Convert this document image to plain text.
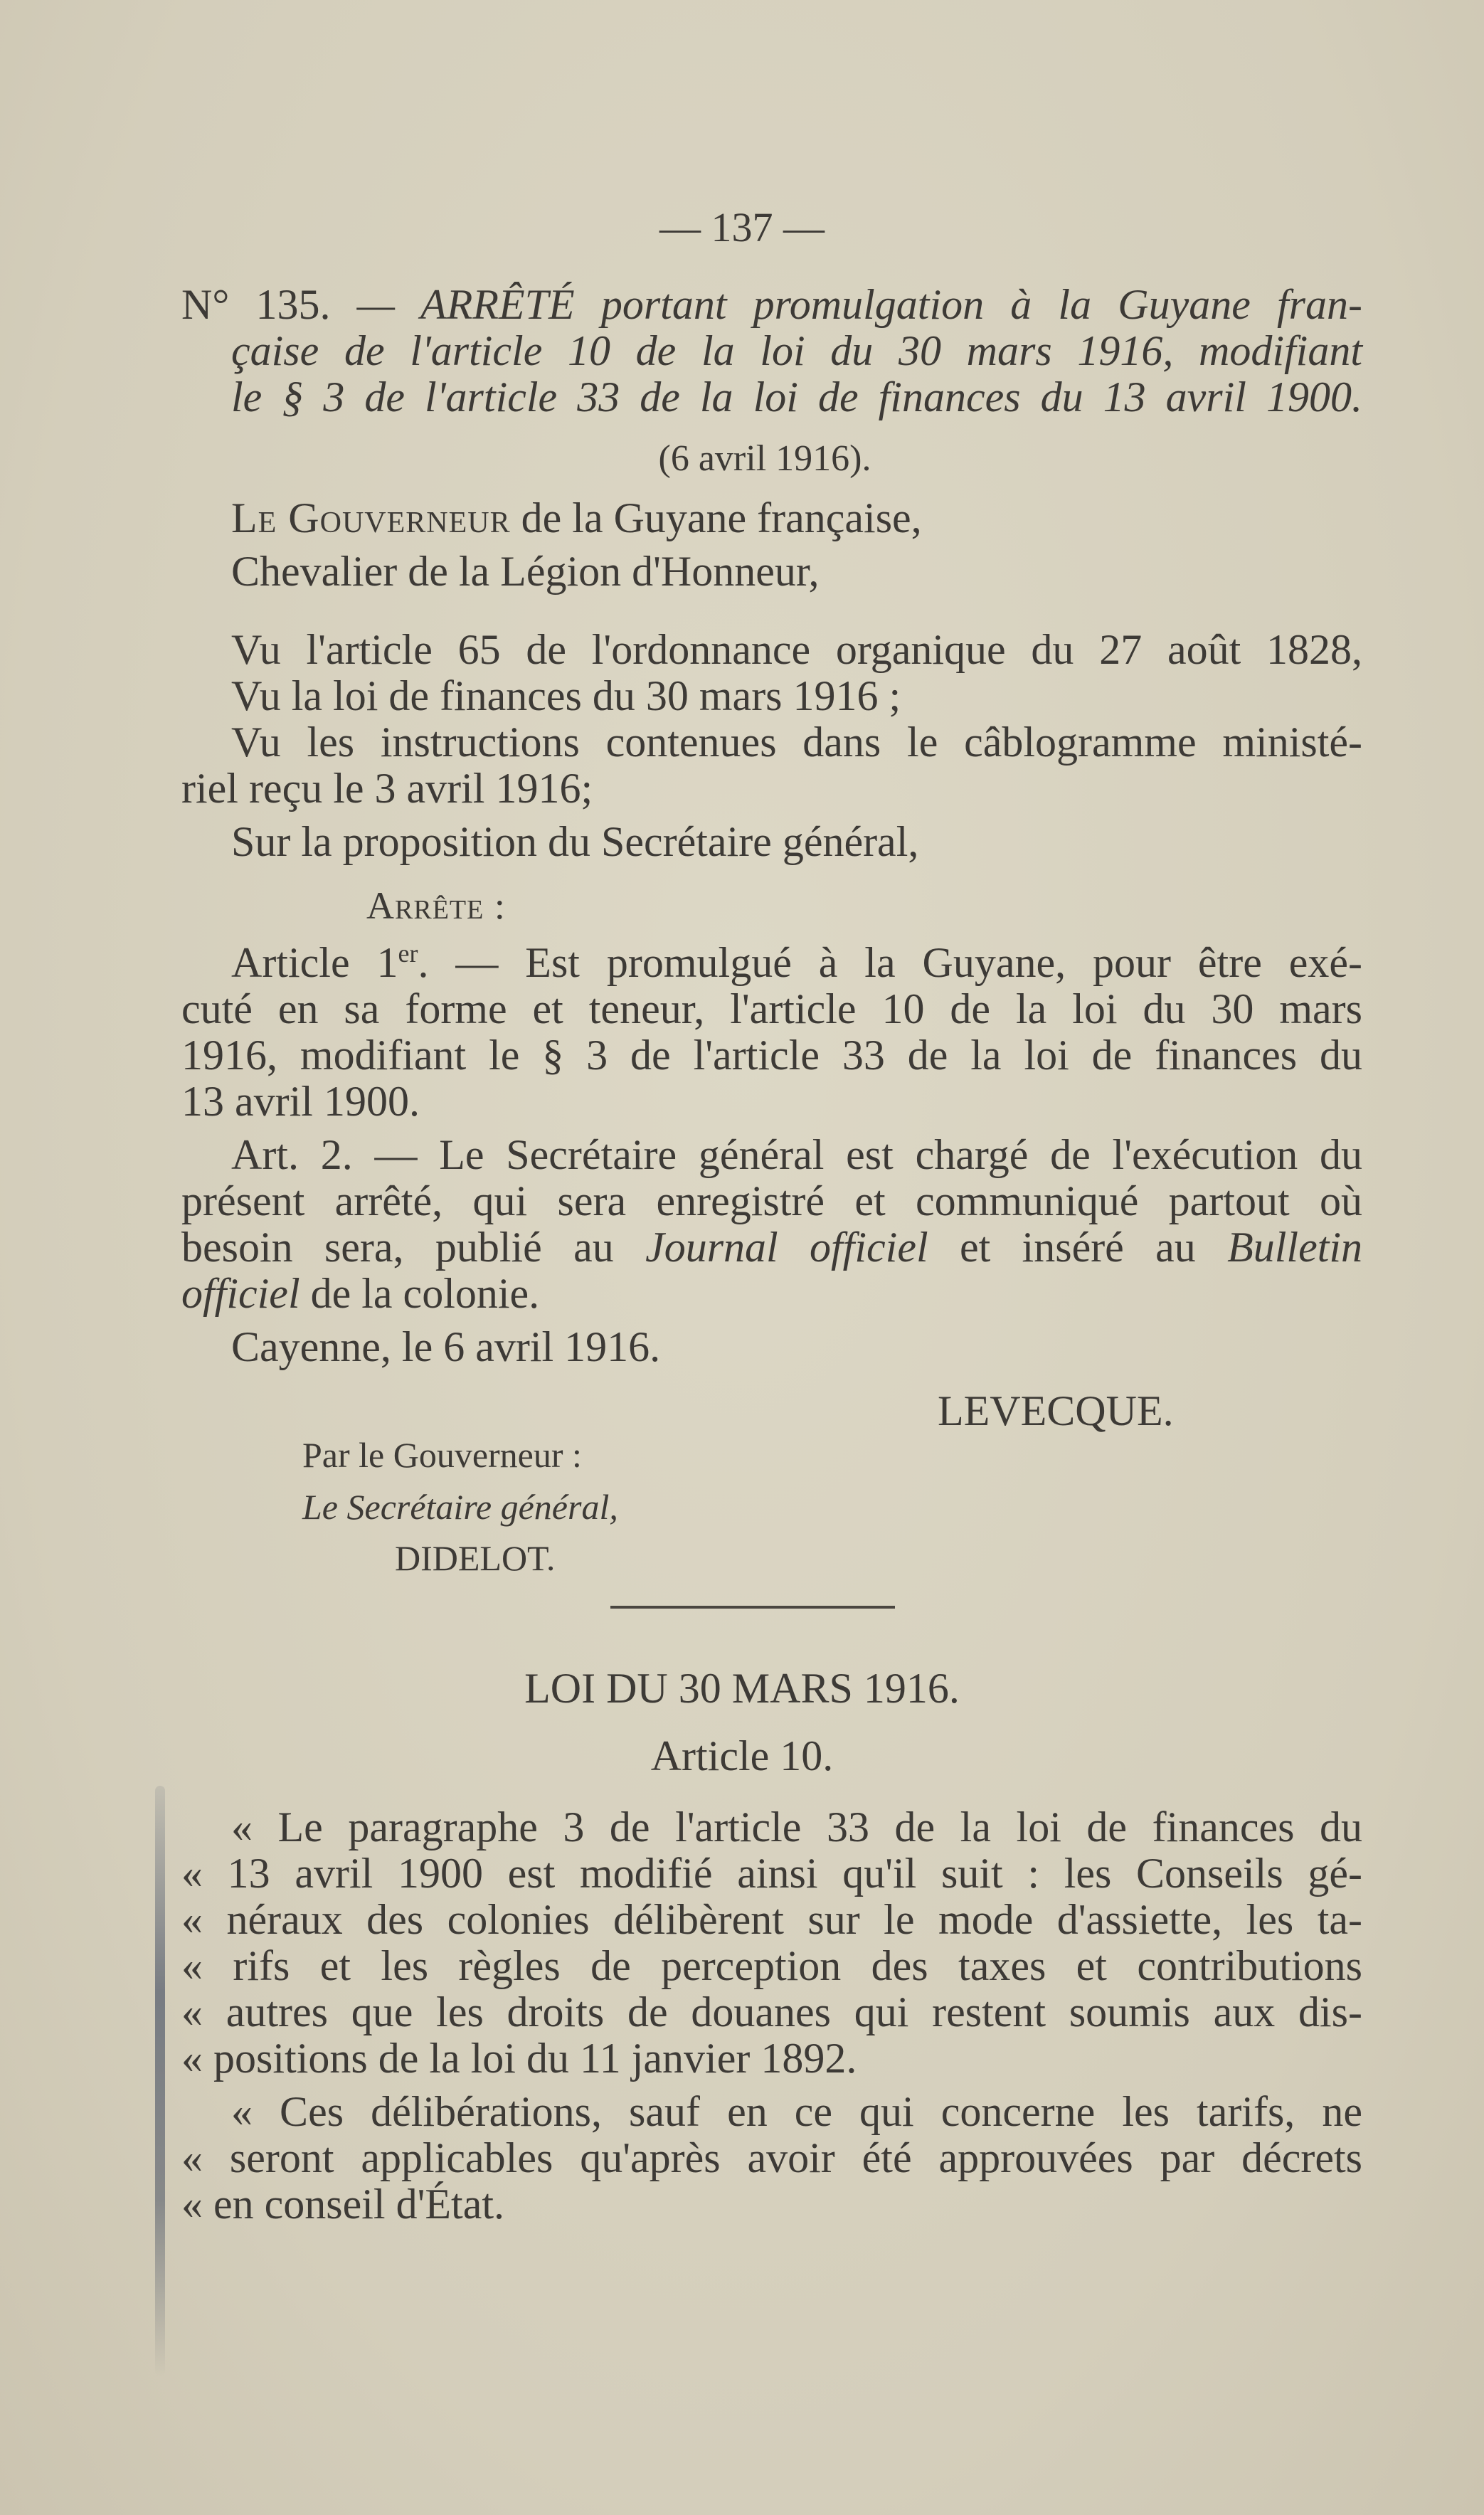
— 137 —
N° 135. — ARRÊTÉ portant promulgation à la Guyane fran-
çaise de l'article 10 de la loi du 30 mars 1916, modifiant
le § 3 de l'article 33 de la loi de finances du 13 avril 1900.
(6 avril 1916).
Le Gouverneur de la Guyane française,
Chevalier de la Légion d'Honneur,
Vu l'article 65 de l'ordonnance organique du 27 août 1828,
Vu la loi de finances du 30 mars 1916 ;
Vu les instructions contenues dans le câblogramme ministé-
riel reçu le 3 avril 1916;
Sur la proposition du Secrétaire général,
Arrête :
Article 1er. — Est promulgué à la Guyane, pour être exé-
cuté en sa forme et teneur, l'article 10 de la loi du 30 mars
1916, modifiant le § 3 de l'article 33 de la loi de finances du
13 avril 1900.
Art. 2. — Le Secrétaire général est chargé de l'exécution du
présent arrêté, qui sera enregistré et communiqué partout où
besoin sera, publié au Journal officiel et inséré au Bulletin
officiel de la colonie.
Cayenne, le 6 avril 1916.
LEVECQUE.
Par le Gouverneur :
Le Secrétaire général,
DIDELOT.
LOI DU 30 MARS 1916.
Article 10.
« Le paragraphe 3 de l'article 33 de la loi de finances du
« 13 avril 1900 est modifié ainsi qu'il suit : les Conseils gé-
« néraux des colonies délibèrent sur le mode d'assiette, les ta-
« rifs et les règles de perception des taxes et contributions
« autres que les droits de douanes qui restent soumis aux dis-
« positions de la loi du 11 janvier 1892.
« Ces délibérations, sauf en ce qui concerne les tarifs, ne
« seront applicables qu'après avoir été approuvées par décrets
« en conseil d'État.
